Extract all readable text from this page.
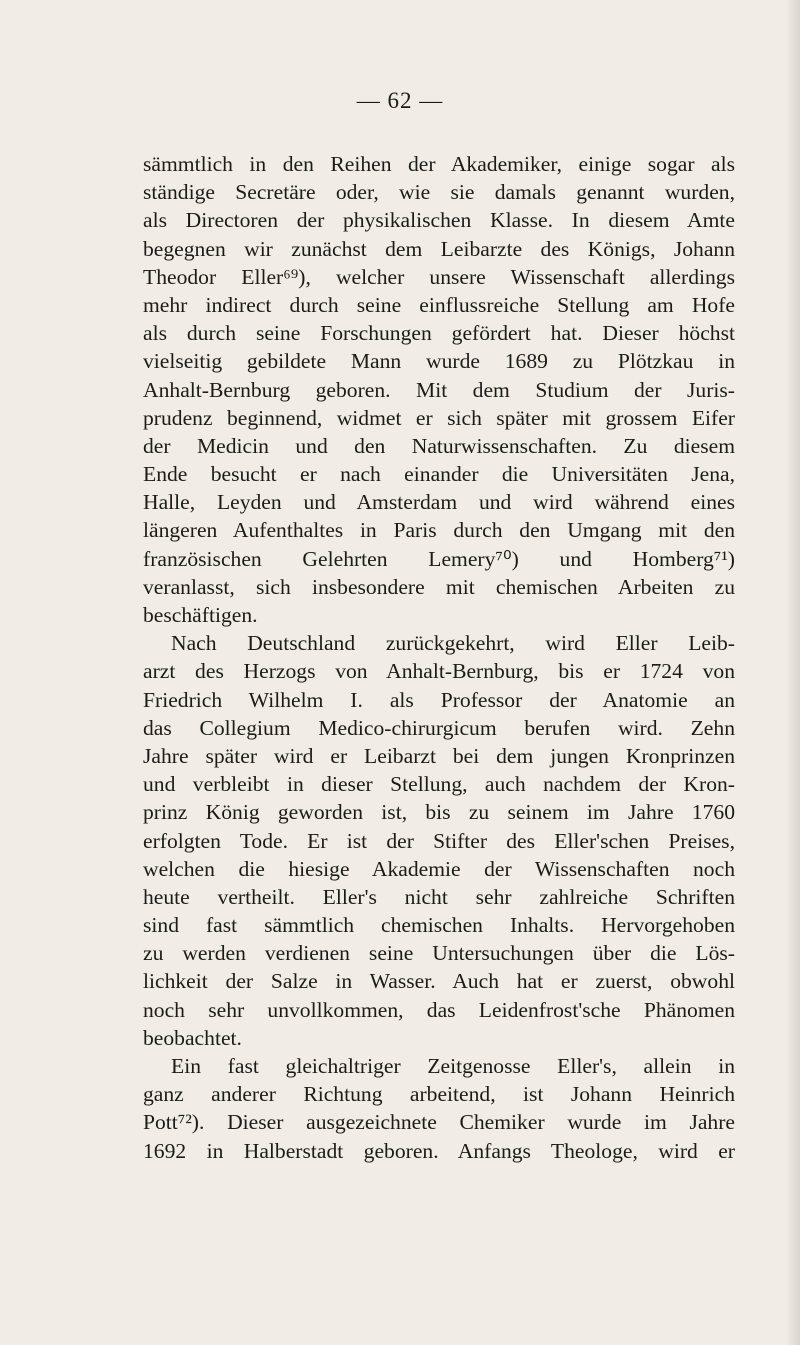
— 62 —
sämmtlich in den Reihen der Akademiker, einige sogar als
ständige Secretäre oder, wie sie damals genannt wurden,
als Directoren der physikalischen Klasse. In diesem Amte
begegnen wir zunächst dem Leibarzte des Königs, Johann
Theodor Eller⁶⁹), welcher unsere Wissenschaft allerdings
mehr indirect durch seine einflussreiche Stellung am Hofe
als durch seine Forschungen gefördert hat. Dieser höchst
vielseitig gebildete Mann wurde 1689 zu Plötzkau in
Anhalt-Bernburg geboren. Mit dem Studium der Juris-
prudenz beginnend, widmet er sich später mit grossem Eifer
der Medicin und den Naturwissenschaften. Zu diesem
Ende besucht er nach einander die Universitäten Jena,
Halle, Leyden und Amsterdam und wird während eines
längeren Aufenthaltes in Paris durch den Umgang mit den
französischen Gelehrten Lemery⁷⁰) und Homberg⁷¹)
veranlasst, sich insbesondere mit chemischen Arbeiten zu
beschäftigen.
Nach Deutschland zurückgekehrt, wird Eller Leib-
arzt des Herzogs von Anhalt-Bernburg, bis er 1724 von
Friedrich Wilhelm I. als Professor der Anatomie an
das Collegium Medico-chirurgicum berufen wird. Zehn
Jahre später wird er Leibarzt bei dem jungen Kronprinzen
und verbleibt in dieser Stellung, auch nachdem der Kron-
prinz König geworden ist, bis zu seinem im Jahre 1760
erfolgten Tode. Er ist der Stifter des Eller'schen Preises,
welchen die hiesige Akademie der Wissenschaften noch
heute vertheilt. Eller's nicht sehr zahlreiche Schriften
sind fast sämmtlich chemischen Inhalts. Hervorgehoben
zu werden verdienen seine Untersuchungen über die Lös-
lichkeit der Salze in Wasser. Auch hat er zuerst, obwohl
noch sehr unvollkommen, das Leidenfrost'sche Phänomen
beobachtet.
Ein fast gleichaltriger Zeitgenosse Eller's, allein in
ganz anderer Richtung arbeitend, ist Johann Heinrich
Pott⁷²). Dieser ausgezeichnete Chemiker wurde im Jahre
1692 in Halberstadt geboren. Anfangs Theologe, wird er
